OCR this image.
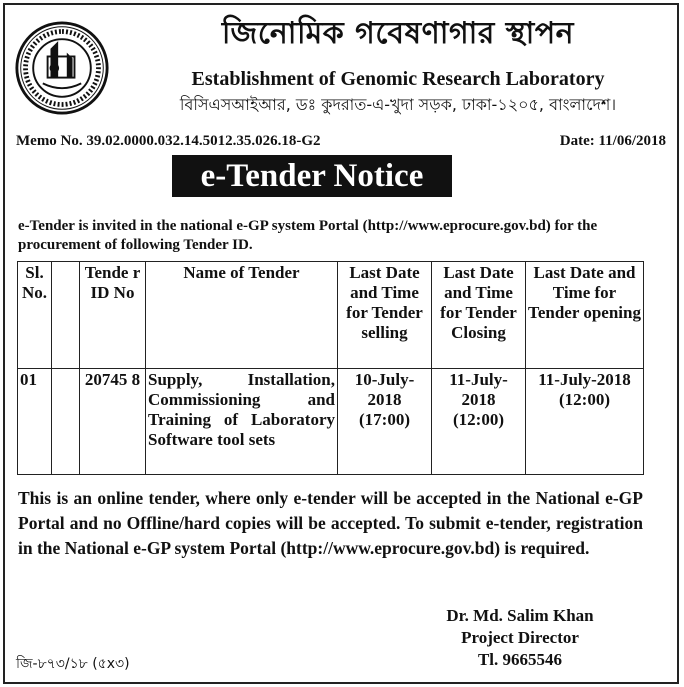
জিনোমিক গবেষণাগার স্থাপন
Establishment of Genomic Research Laboratory
বিসিএসআইআর, ডঃ কুদরাত-এ-খুদা সড়ক, ঢাকা-১২০৫, বাংলাদেশ।
Memo No. 39.02.0000.032.14.5012.35.026.18-G2	Date: 11/06/2018
e-Tender Notice
e-Tender is invited in the national e-GP system Portal (http://www.eprocure.gov.bd) for the procurement of following Tender ID.
Sl. No.		Tende r ID No	Name of Tender	Last Date and Time for Tender selling	Last Date and Time for Tender Closing	Last Date and Time for Tender opening
01		20745 8	Supply, Installation, Commissioning and Training of Laboratory Software tool sets	10-July-2018 (17:00)	11-July-2018 (12:00)	11-July-2018 (12:00)
This is an online tender, where only e-tender will be accepted in the National e-GP Portal and no Offline/hard copies will be accepted. To submit e-tender, registration in the National e-GP system Portal (http://www.eprocure.gov.bd) is required.
Dr. Md. Salim Khan
Project Director
Tl. 9665546
জি-৮৭৩/১৮ (৫x৩)
